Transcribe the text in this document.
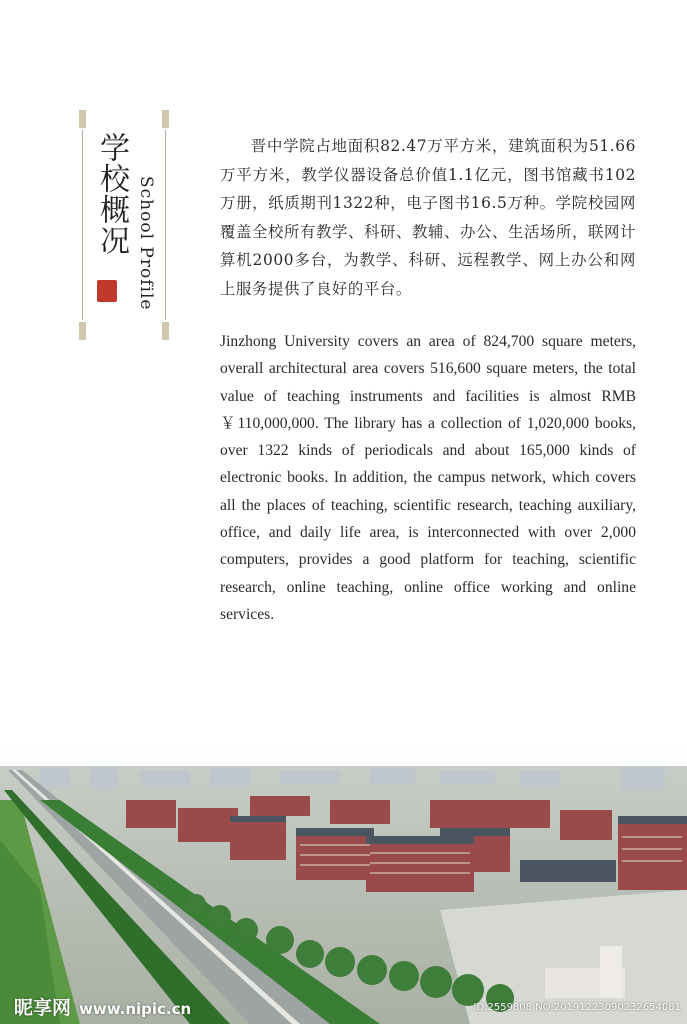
学校概况 School Profile

晋中学院占地面积82.47万平方米，建筑面积为51.66万平方米，教学仪器设备总价值1.1亿元，图书馆藏书102万册，纸质期刊1322种，电子图书16.5万种。学院校园网覆盖全校所有教学、科研、教辅、办公、生活场所，联网计算机2000多台，为教学、科研、远程教学、网上办公和网上服务提供了良好的平台。

Jinzhong University covers an area of 824,700 square meters, overall architectural area covers 516,600 square meters, the total value of teaching instruments and facilities is almost RMB ￥110,000,000. The library has a collection of 1,020,000 books, over 1322 kinds of periodicals and about 165,000 kinds of electronic books. In addition, the campus network, which covers all the places of teaching, scientific research, teaching auxiliary, office, and daily life area, is interconnected with over 2,000 computers, provides a good platform for teaching, scientific research, online teaching, online office working and online services.

昵享网 www.nipic.cn	ID:2559808 NO:20191223090232654081
